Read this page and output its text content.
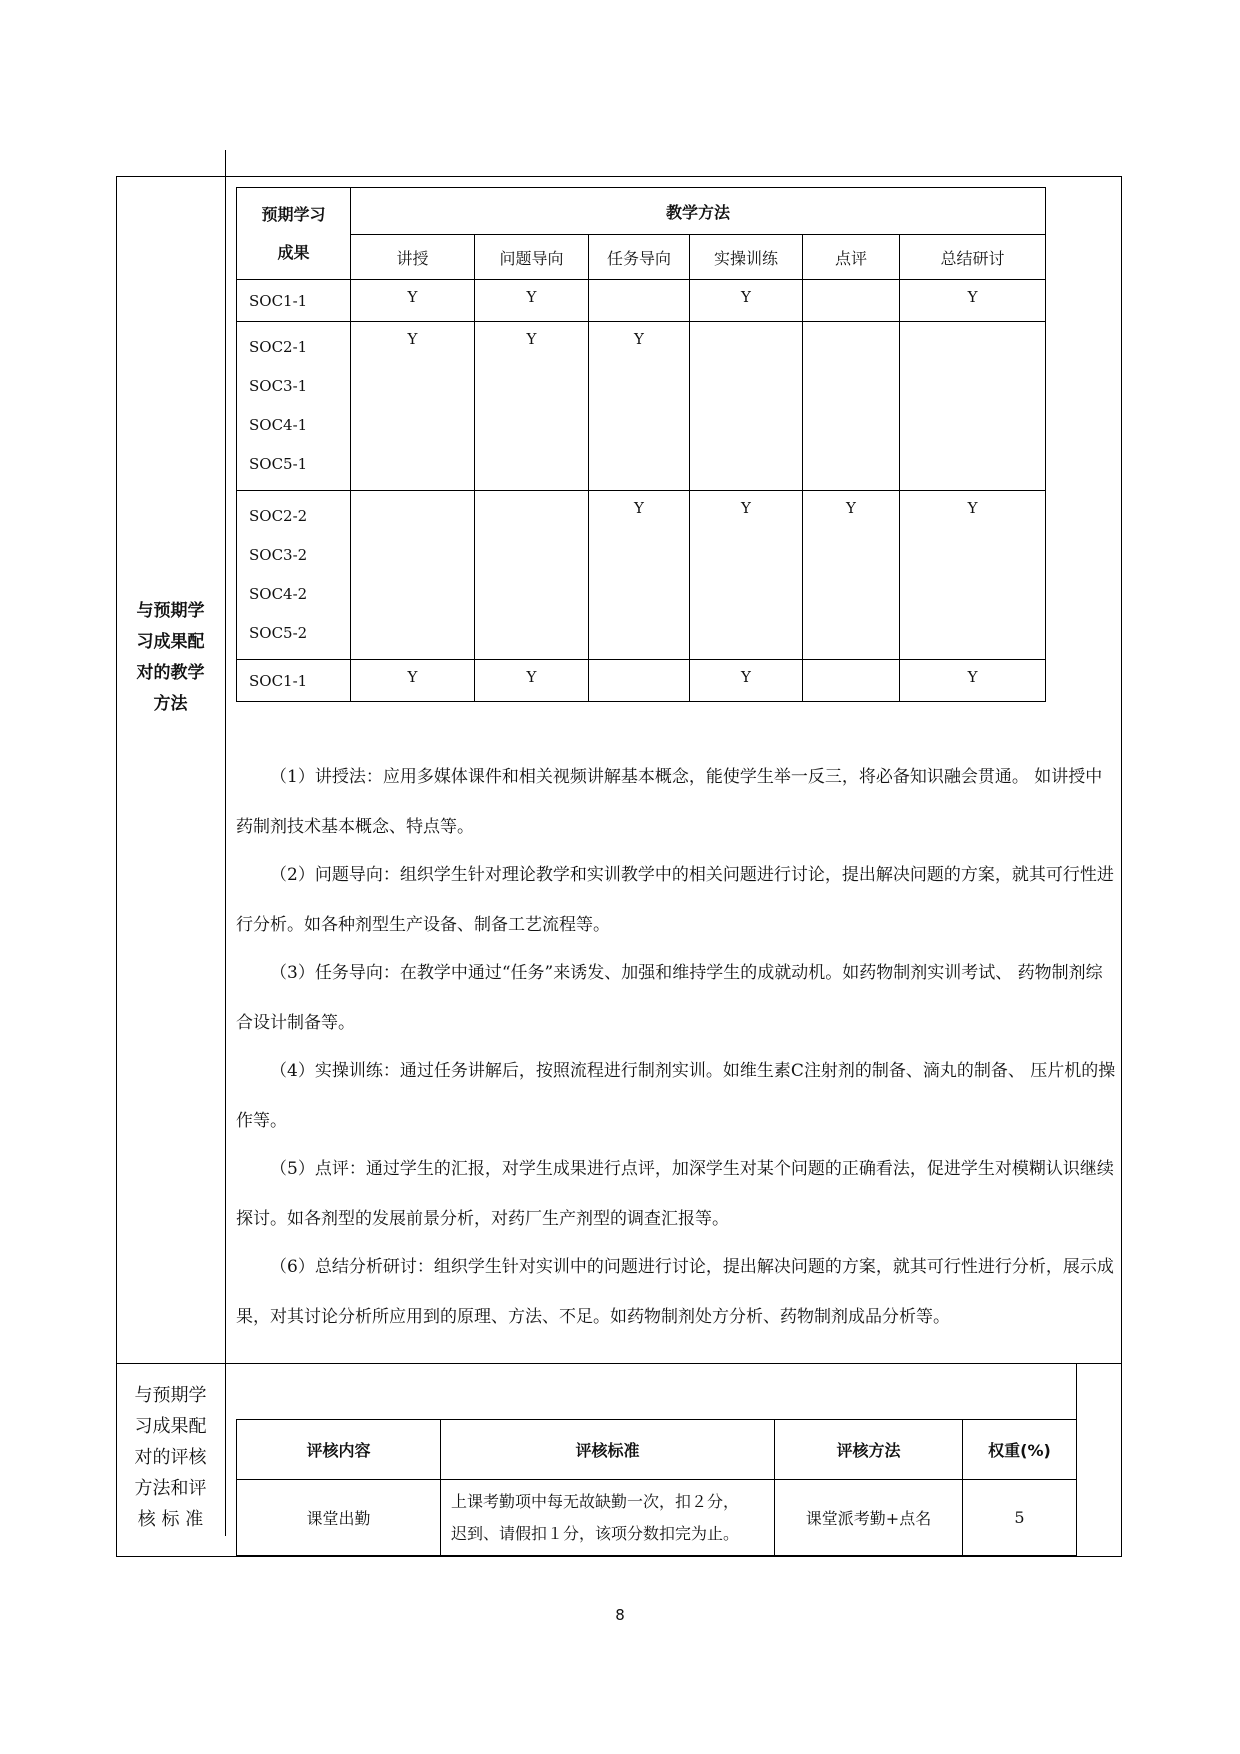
与预期学
习成果配
对的教学
方法
预期学习
成果	教学方法					
	讲授	问题导向	任务导向	实操训练	点评	总结研讨

SOC1-1	Y	Y		Y		Y

SOC2-1
SOC3-1
SOC4-1
SOC5-1	Y	Y	Y			

SOC2-2
SOC3-2
SOC4-2
SOC5-2			Y	Y	Y	Y

SOC1-1	Y	Y		Y		Y

（1）讲授法：应用多媒体课件和相关视频讲解基本概念，能使学生举一反三，将必备知识融会贯通。 如讲授中药制剂技术基本概念、特点等。

（2）问题导向：组织学生针对理论教学和实训教学中的相关问题进行讨论，提出解决问题的方案，就其可行性进行分析。如各种剂型生产设备、制备工艺流程等。

（3）任务导向：在教学中通过“任务”来诱发、加强和维持学生的成就动机。如药物制剂实训考试、 药物制剂综合设计制备等。

（4）实操训练：通过任务讲解后，按照流程进行制剂实训。如维生素C注射剂的制备、滴丸的制备、 压片机的操作等。

（5）点评：通过学生的汇报，对学生成果进行点评，加深学生对某个问题的正确看法，促进学生对模糊认识继续探讨。如各剂型的发展前景分析，对药厂生产剂型的调查汇报等。

（6）总结分析研讨：组织学生针对实训中的问题进行讨论，提出解决问题的方案，就其可行性进行分析，展示成果，对其讨论分析所应用到的原理、方法、不足。如药物制剂处方分析、药物制剂成品分析等。

与预期学
习成果配
对的评核
方法和评
核 标 准
评核内容	评核标准	评核方法	权重(%)
课堂出勤	上课考勤项中每无故缺勤一次，扣２分，
迟到、请假扣１分，该项分数扣完为止。	课堂派考勤+点名	5
8
